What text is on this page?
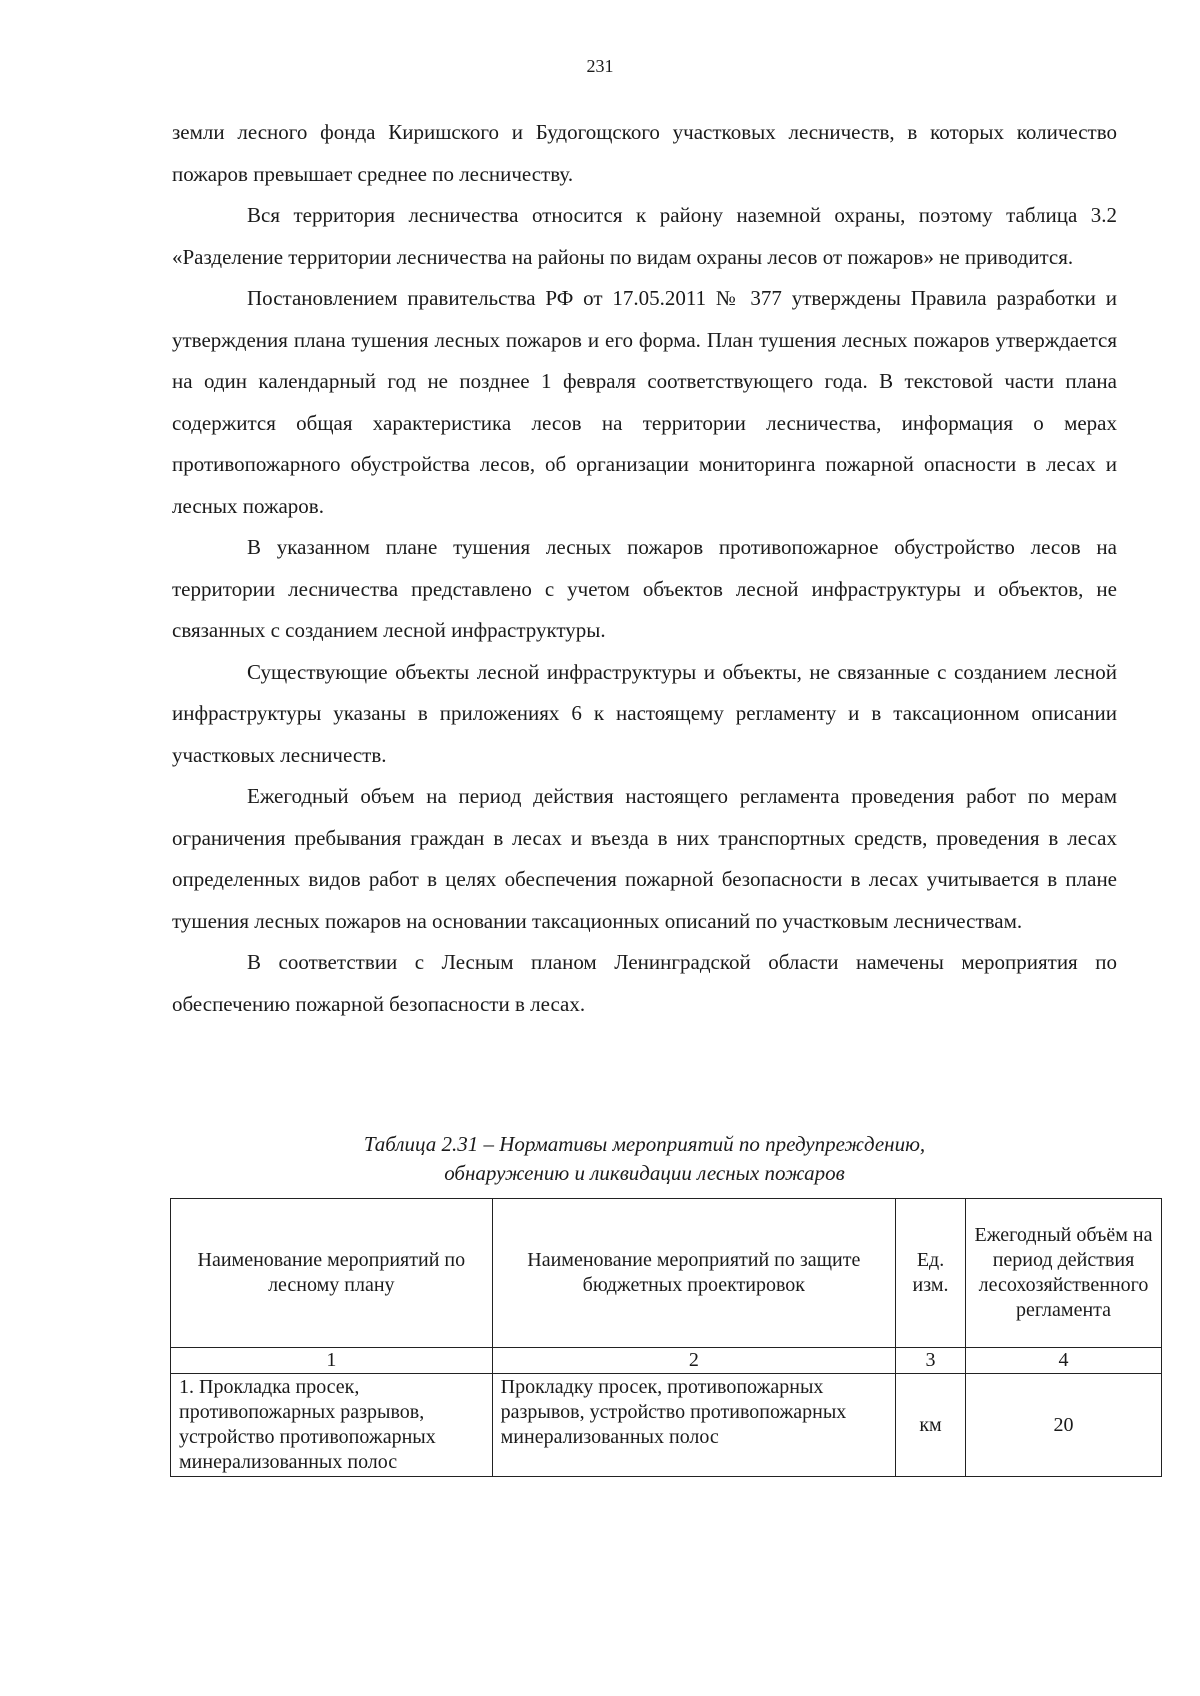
231

земли лесного фонда Киришского и Будогощского участковых лесничеств, в которых количество пожаров превышает среднее по лесничеству.

Вся территория лесничества относится к району наземной охраны, поэтому таблица 3.2 «Разделение территории лесничества на районы по видам охраны лесов от пожаров» не приводится.

Постановлением правительства РФ от 17.05.2011 № 377 утверждены Правила разработки и утверждения плана тушения лесных пожаров и его форма. План тушения лесных пожаров утверждается на один календарный год не позднее 1 февраля соответствующего года. В текстовой части плана содержится общая характеристика лесов на территории лесничества, информация о мерах противопожарного обустройства лесов, об организации мониторинга пожарной опасности в лесах и лесных пожаров.

В указанном плане тушения лесных пожаров противопожарное обустройство лесов на территории лесничества представлено с учетом объектов лесной инфраструктуры и объектов, не связанных с созданием лесной инфраструктуры.

Существующие объекты лесной инфраструктуры и объекты, не связанные с созданием лесной инфраструктуры указаны в приложениях 6 к настоящему регламенту и в таксационном описании участковых лесничеств.

Ежегодный объем на период действия настоящего регламента проведения работ по мерам ограничения пребывания граждан в лесах и въезда в них транспортных средств, проведения в лесах определенных видов работ в целях обеспечения пожарной безопасности в лесах учитывается в плане тушения лесных пожаров на основании таксационных описаний по участковым лесничествам.

В соответствии с Лесным планом Ленинградской области намечены мероприятия по обеспечению пожарной безопасности в лесах.

Таблица 2.31 – Нормативы мероприятий по предупреждению,
обнаружению и ликвидации лесных пожаров
Наименование мероприятий по лесному плану	Наименование мероприятий по защите бюджетных проектировок	Ед. изм.	Ежегодный объём на период действия лесохозяйственного регламента
1	2	3	4
1. Прокладка просек, противопожарных разрывов, устройство противопожарных минерализованных полос	Прокладку просек, противопожарных разрывов, устройство противопожарных минерализованных полос	км	20
